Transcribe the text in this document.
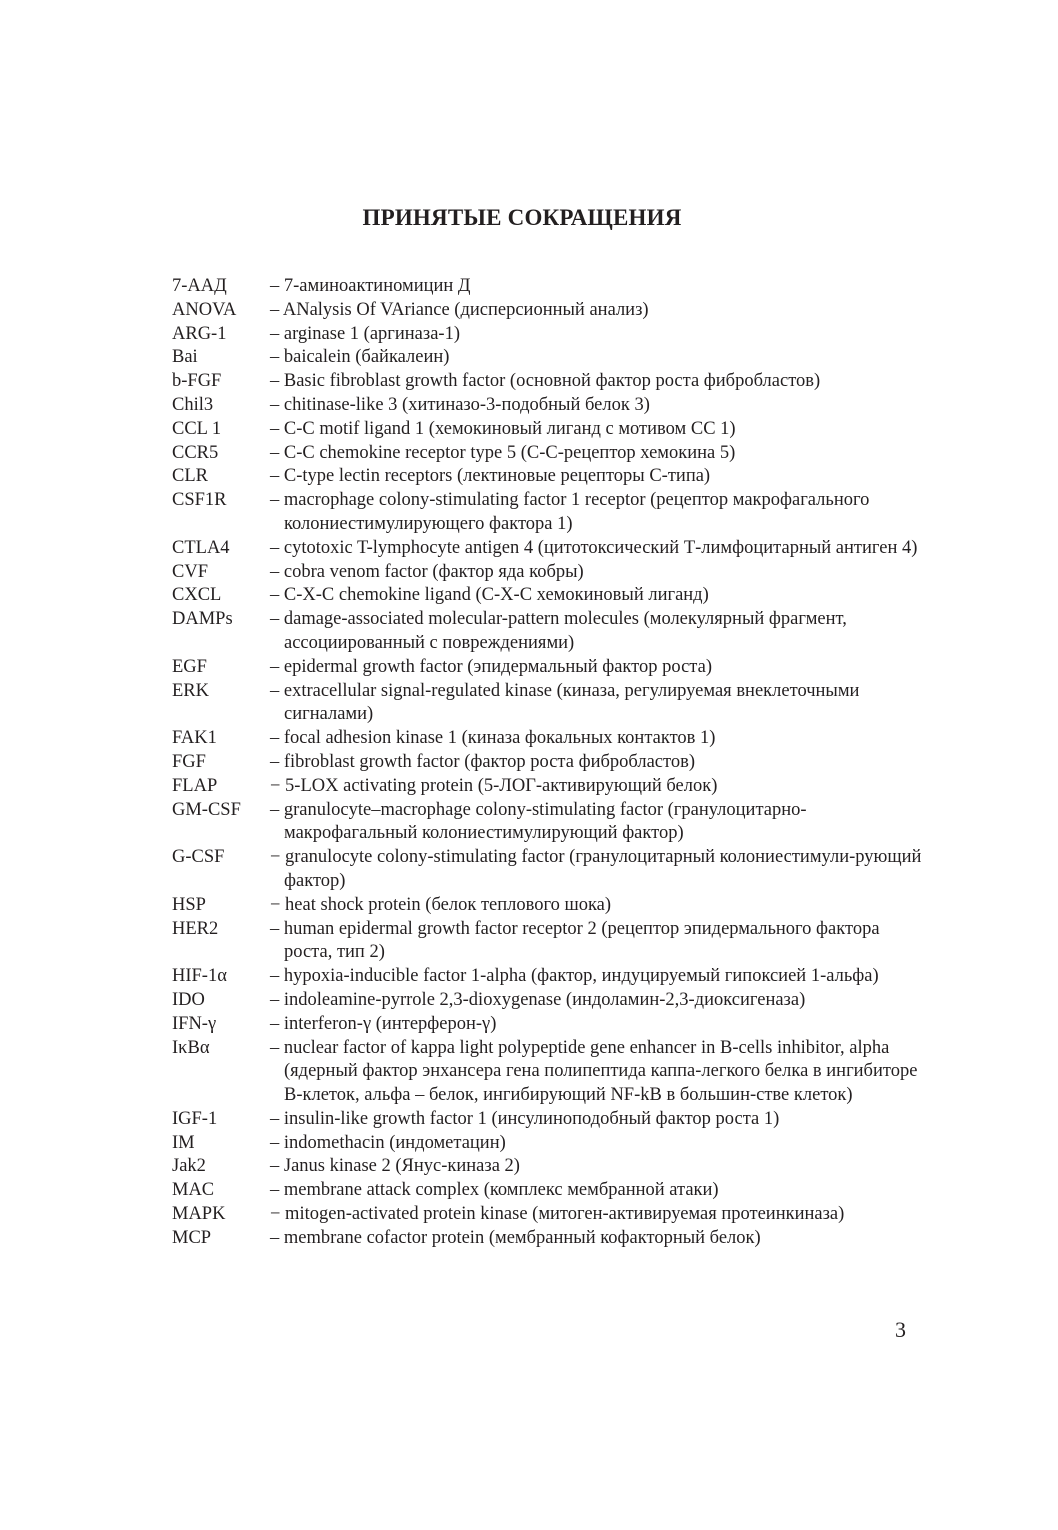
ПРИНЯТЫЕ СОКРАЩЕНИЯ
7-ААД	– 7-аминоактиномицин Д
ANOVA	– ANalysis Of VAriance (дисперсионный анализ)
ARG-1	– arginase 1 (аргиназа-1)
Bai	– baicalein (байкалеин)
b-FGF	– Basic fibroblast growth factor (основной фактор роста фибробластов)
Chil3	– chitinase-like 3 (хитиназо-3-подобный белок 3)
CCL 1	– C-C motif ligand 1 (хемокиновый лиганд с мотивом СС 1)
CCR5	– C-C chemokine receptor type 5 (C-C-рецептор хемокина 5)
CLR	– C-type lectin receptors (лектиновые рецепторы С-типа)
CSF1R	– macrophage colony-stimulating factor 1 receptor (рецептор макрофагального колониестимулирующего фактора 1)
CTLA4	– cytotoxic T-lymphocyte antigen 4 (цитотоксический Т-лимфоцитарный антиген 4)
CVF	– cobra venom factor (фактор яда кобры)
CXCL	– C-X-C chemokine ligand (C-X-C хемокиновый лиганд)
DAMPs	– damage-associated molecular-pattern molecules (молекулярный фрагмент, ассоциированный с повреждениями)
EGF	– epidermal growth factor (эпидермальный фактор роста)
ERK	– extracellular signal-regulated kinase (киназа, регулируемая внеклеточными сигналами)
FAK1	– focal adhesion kinase 1 (киназа фокальных контактов 1)
FGF	– fibroblast growth factor (фактор роста фибробластов)
FLAP	− 5-LOX activating protein (5-ЛОГ-активирующий белок)
GM-CSF	– granulocyte–macrophage colony-stimulating factor (гранулоцитарно-макрофагальный колониестимулирующий фактор)
G-CSF	− granulocyte colony-stimulating factor (гранулоцитарный колониестимули-рующий фактор)
HSP	− heat shock protein (белок теплового шока)
HER2	– human epidermal growth factor receptor 2 (рецептор эпидермального фактора роста, тип 2)
HIF-1α	– hypoxia-inducible factor 1-alpha (фактор, индуцируемый гипоксией 1-альфа)
IDO	– indoleamine-pyrrole 2,3-dioxygenase (индоламин-2,3-диоксигеназа)
IFN-γ	– interferon-γ (интерферон-γ)
IκBα	– nuclear factor of kappa light polypeptide gene enhancer in B-cells inhibitor, alpha (ядерный фактор энхансера гена полипептида каппа-легкого белка в ингибиторе В-клеток, альфа – белок, ингибирующий NF-kB в большин-стве клеток)
IGF-1	– insulin-like growth factor 1 (инсулиноподобный фактор роста 1)
IM	– indomethacin (индометацин)
Jak2	– Janus kinase 2 (Янус-киназа 2)
MAC	– membrane attack complex (комплекс мембранной атаки)
MAPK	− mitogen-activated protein kinase (митоген-активируемая протеинкиназа)
MCP	– membrane cofactor protein (мембранный кофакторный белок)
3
